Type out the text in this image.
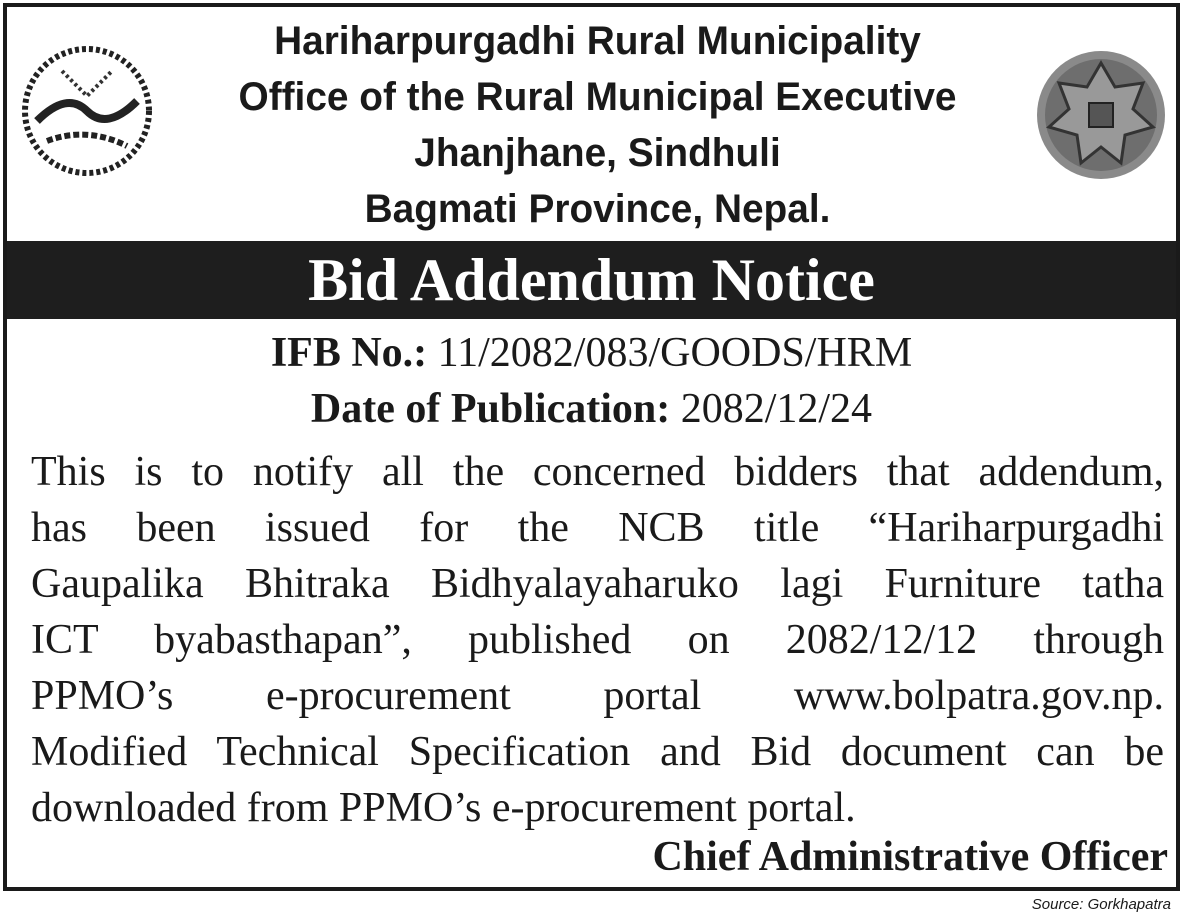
Hariharpurgadhi Rural Municipality
Office of the Rural Municipal Executive
Jhanjhane, Sindhuli
Bagmati Province, Nepal.
Bid Addendum Notice
IFB No.: 11/2082/083/GOODS/HRM
Date of Publication: 2082/12/24
This is to notify all the concerned bidders that addendum,
has been issued for the NCB title “Hariharpurgadhi
Gaupalika Bhitraka Bidhyalayaharuko lagi Furniture tatha
ICT byabasthapan”, published on 2082/12/12 through
PPMO’s e-procurement portal www.bolpatra.gov.np.
Modified Technical Specification and Bid document can be
downloaded from PPMO’s e-procurement portal.
Chief Administrative Officer
Source: Gorkhapatra
